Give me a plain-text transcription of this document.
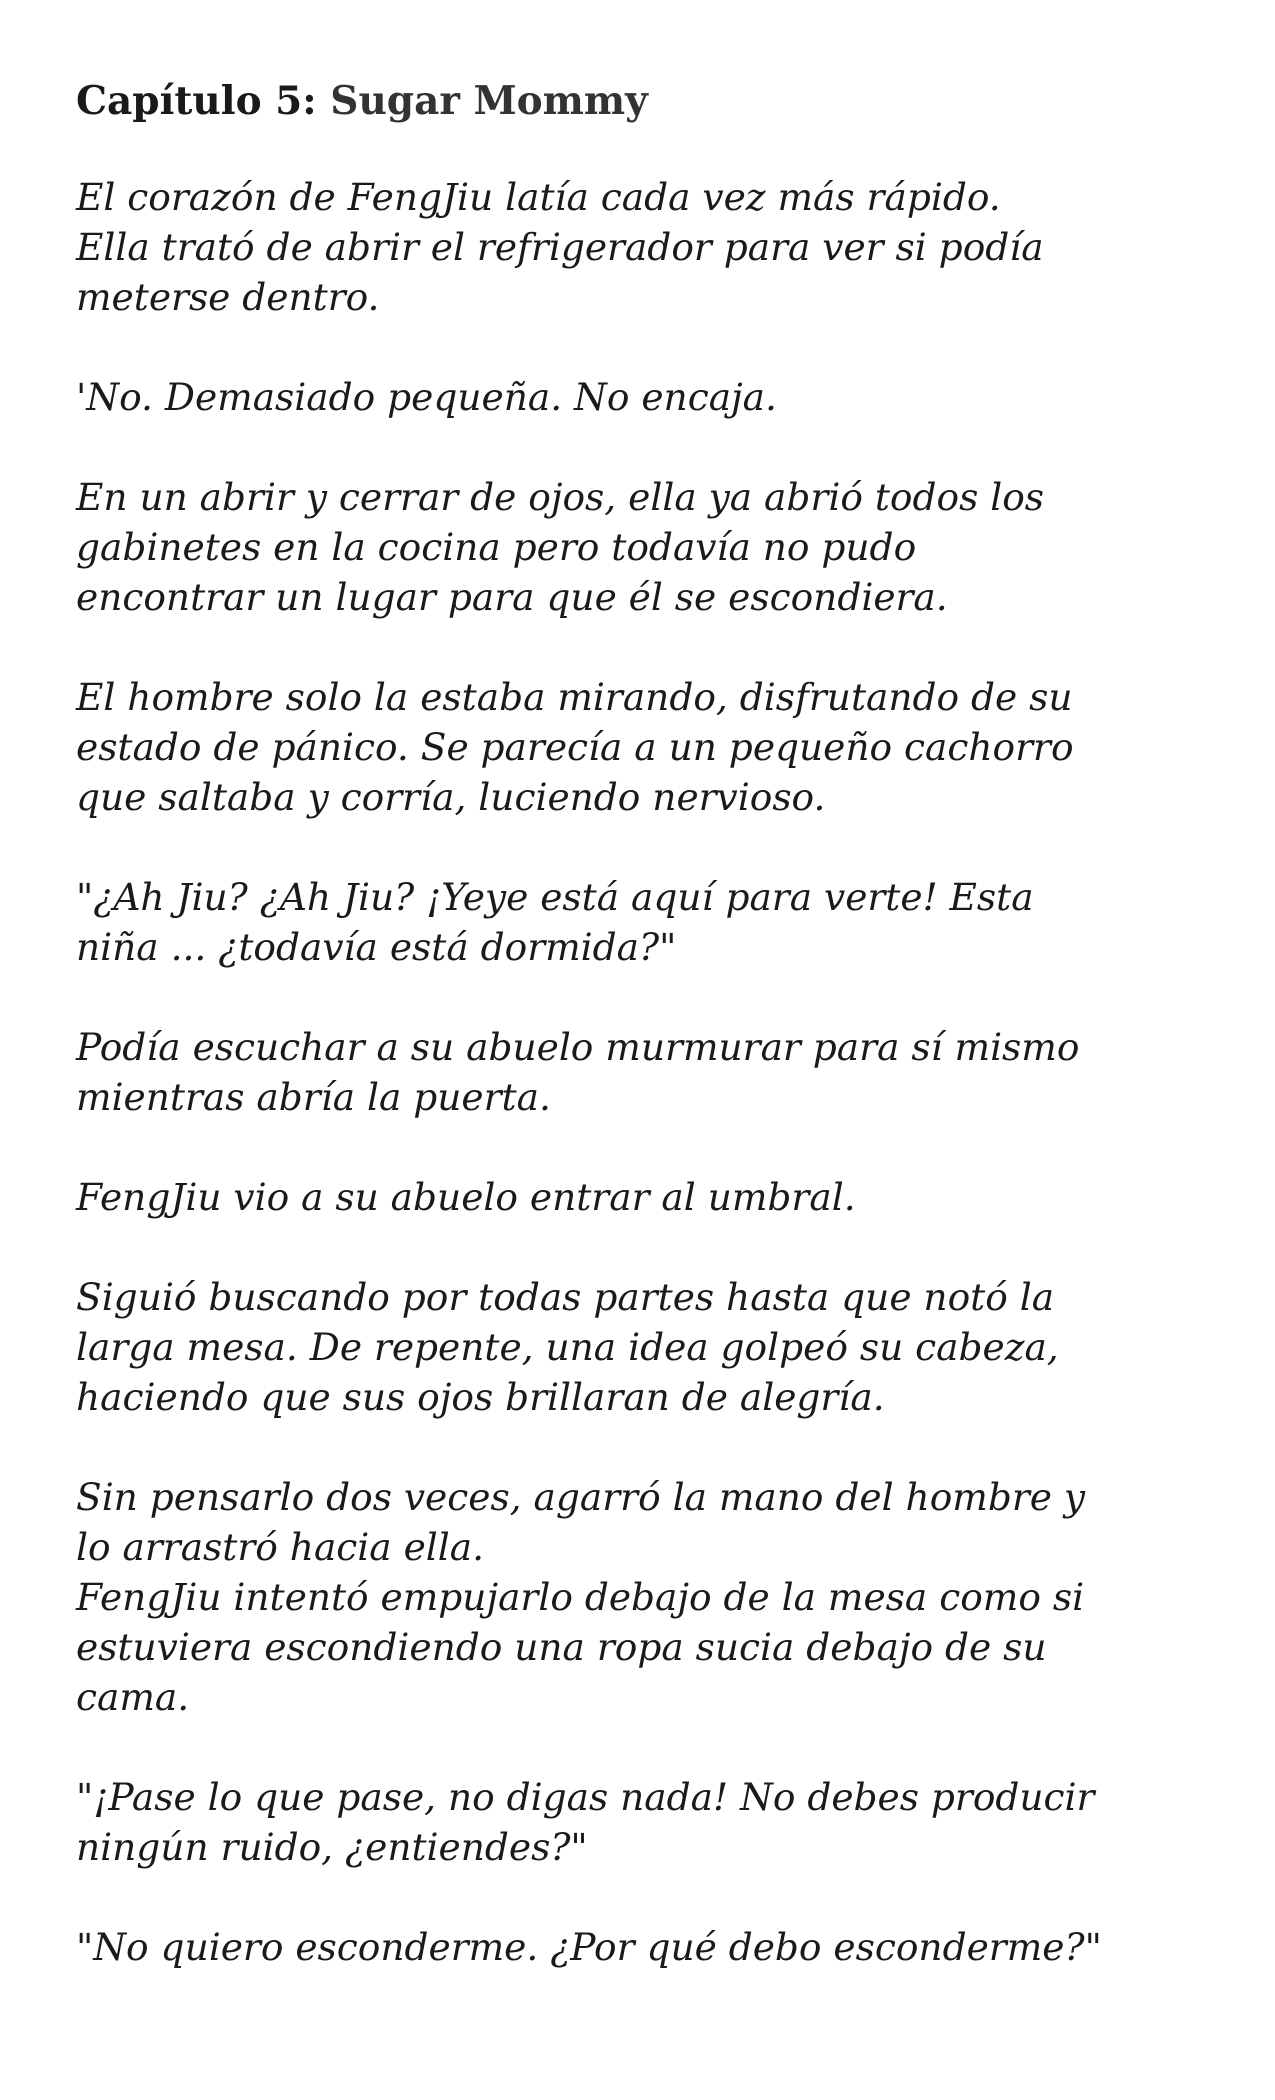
Capítulo 5: Sugar Mommy
El corazón de FengJiu latía cada vez más rápido.
Ella trató de abrir el refrigerador para ver si podía
meterse dentro.
'No. Demasiado pequeña. No encaja.
En un abrir y cerrar de ojos, ella ya abrió todos los
gabinetes en la cocina pero todavía no pudo
encontrar un lugar para que él se escondiera.
El hombre solo la estaba mirando, disfrutando de su
estado de pánico. Se parecía a un pequeño cachorro
que saltaba y corría, luciendo nervioso.
"¿Ah Jiu? ¿Ah Jiu? ¡Yeye está aquí para verte! Esta
niña ... ¿todavía está dormida?"
Podía escuchar a su abuelo murmurar para sí mismo
mientras abría la puerta.
FengJiu vio a su abuelo entrar al umbral.
Siguió buscando por todas partes hasta que notó la
larga mesa. De repente, una idea golpeó su cabeza,
haciendo que sus ojos brillaran de alegría.
Sin pensarlo dos veces, agarró la mano del hombre y
lo arrastró hacia ella.
FengJiu intentó empujarlo debajo de la mesa como si
estuviera escondiendo una ropa sucia debajo de su
cama.
"¡Pase lo que pase, no digas nada! No debes producir
ningún ruido, ¿entiendes?"
"No quiero esconderme. ¿Por qué debo esconderme?"
